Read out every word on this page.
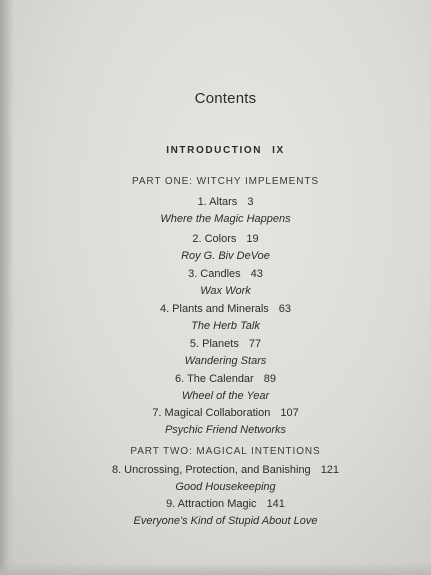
Contents
INTRODUCTION IX
PART ONE: WITCHY IMPLEMENTS
1. Altars 3
Where the Magic Happens
2. Colors 19
Roy G. Biv DeVoe
3. Candles 43
Wax Work
4. Plants and Minerals 63
The Herb Talk
5. Planets 77
Wandering Stars
6. The Calendar 89
Wheel of the Year
7. Magical Collaboration 107
Psychic Friend Networks
PART TWO: MAGICAL INTENTIONS
8. Uncrossing, Protection, and Banishing 121
Good Housekeeping
9. Attraction Magic 141
Everyone's Kind of Stupid About Love
